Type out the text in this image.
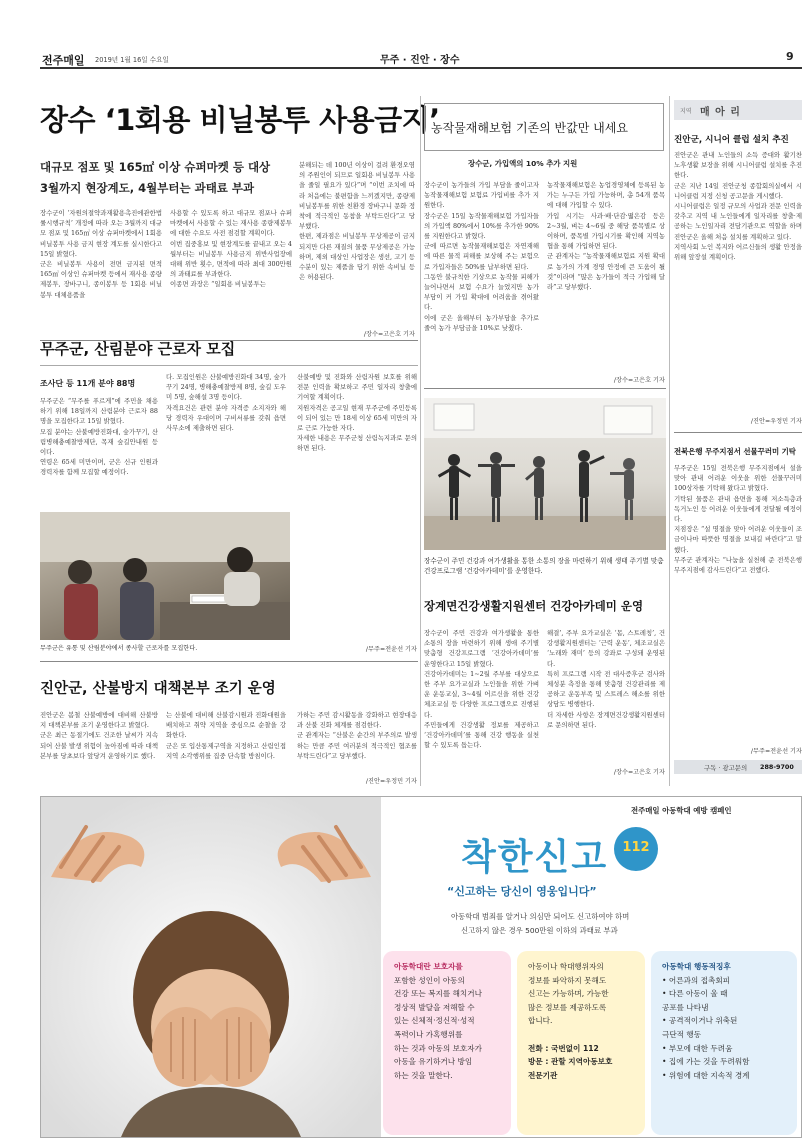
전주매일 2019년 1월 16일 수요일	무주 · 진안 · 장수	9
장수 ‘1회용 비닐봉투 사용금지’
대규모 점포 및 165㎡ 이상 슈퍼마켓 등 대상
3월까지 현장계도, 4월부터는 과태료 부과
장수군이 ‘자원의절약과재활용촉진에관한법률시행규칙’ 개정에 따라 오는 3월까지 대규모 점포 및 165㎡ 이상 슈퍼마켓에서 1회용 비닐봉투 사용 금지 현장 계도를 실시한다고 15일 밝혔다.
군은 비닐봉투 사용이 전면 금지된 면적 165㎡ 이상인 슈퍼마켓 등에서 재사용 종량제봉투, 장바구니, 종이봉투 등 1회용 비닐봉투 대체용품을
사용할 수 있도록 하고 대규모 점포나 슈퍼마켓에서 사용할 수 있는 재사용 종량제봉투에 대한 수요도 사전 점검할 계획이다.
이번 집중홍보 및 현장계도를 끝내고 오는 4월부터는 비닐봉투 사용금지 위반사업장에 대해 위반 횟수, 면적에 따라 최대 300만원의 과태료를 부과한다.
이종면 과장은 “일회용 비닐봉투는
분해되는 데 100년 이상이 걸려 환경오염의 주원인이 되므로 일회용 비닐봉투 사용을 줄일 필요가 있다”며 “이번 조치에 따라 처음에는 불편함을 느끼겠지만, 종량제 비닐봉투를 위한 친환경 장바구니 문화 정착에 적극적인 동참을 부탁드린다”고 당부했다.
한편, 제과점은 비닐봉투 무상제공이 금지되지만 다른 재질의 물품 무상제공은 가능하며, 제외 대상인 사업장은 생선, 고기 등 수분이 있는 제품을 담기 위한 속비닐 등은 허용된다.
/장수=고은호 기자
농작물재해보험 기존의 반값만 내세요
장수군, 가입액의 10% 추가 지원
장수군이 농가들의 가입 부담을 줄이고자 농작물재해보험 보험료 가입비를 추가 지원한다.
장수군은 15일 농작물재해보험 가입자들의 가입액 80%에서 10%를 추가한 90%를 지원한다고 밝혔다.
군에 따르면 농작물재해보험은 자연재해에 따른 물적 피해를 보상해 주는 보험으로 가입자들은 50%를 납부하면 된다.
그동안 불규칙한 기상으로 농작물 피해가 늘어나면서 보험 수요가 늘었지만 농가 부담이 커 가입 확대에 어려움을 겪어왔다.
이에 군은 올해부터 농가부담을 추가로 줄여 농가 부담금을 10%로 낮췄다.
농작물재해보험은 농업경영체에 등록된 농가는 누구든 가입 가능하며, 총 54개 품목에 대해 가입할 수 있다.
가입 시기는 사과·배·단감·떫은감 등은 2∼3월, 벼는 4∼6월 중 해당 품목별로 상이하며, 품목별 가입시기를 확인해 지역농협을 통해 가입하면 된다.
군 관계자는 “농작물재해보험료 지원 확대로 농가의 가계 경영 안정에 큰 도움이 될 것”이라며 “많은 농가들이 적극 가입해 달라”고 당부했다.
/장수=고은호 기자
장수군이 주민 건강과 여가생활을 통한 소통의 장을 마련하기 위해 생태 주기별 맞춤 건강프로그램 ‘건강아카데미’를 운영한다.
장계면건강생활지원센터 건강아카데미 운영
장수군이 주민 건강과 여가생활을 통한 소통의 장을 마련하기 위해 생애 주기별 맞춤형 건강프로그램 ‘건강아카데미’를 운영한다고 15일 밝혔다.
건강아카데미는 1∼2월 주부를 대상으로 한 주부 요가교실과 노인들을 위한 가벼운 운동교실, 3∼4월 어르신을 위한 건강체조교실 등 다양한 프로그램으로 진행된다.
주민들에게 건강생활 정보를 제공하고 ‘건강아카데미’를 통해 건강 행동을 실천할 수 있도록 돕는다.
해결’, 주부 요가교실은 ‘몸, 스트레칭’, 건강생활지원센터는 ‘근력 운동’, 체조교실은 ‘노래와 재미’ 등의 강좌로 구성돼 운영된다.
특히 프로그램 시작 전 대사증후군 검사와 체성분 측정을 통해 맞춤형 건강관리를 제공하고 운동부족 및 스트레스 해소를 위한 상담도 병행한다.
더 자세한 사항은 장계면건강생활지원센터로 문의하면 된다.
/장수=고은호 기자
무주군, 산림분야 근로자 모집
조사단 등 11개 분야 88명
무주군은 “무주를 푸르게”에 주민을 채용하기 위해 18일까지 산림분야 근로자 88명을 모집한다고 15일 밝혔다.
모집 분야는 산불예방진화대, 숲가꾸기, 산림병해충예찰방제단, 목재 숲길안내원 등이다.
연령은 65세 미만이며, 군은 신규 인원과 경력자를 함께 모집할 예정이다.
다. 모집인원은 산불예방진화대 34명, 숲가꾸기 24명, 병해충예찰방제 8명, 숲길 도우미 5명, 숲해설 3명 등이다.
자격요건은 관련 분야 자격증 소지자와 해당 경력자 우대이며 구비서류를 갖춰 읍면 사무소에 제출하면 된다.
산불예방 및 진화와 산림자원 보호를 위해 전문 인력을 확보하고 주민 일자리 창출에 기여할 계획이다.
지원자격은 공고일 현재 무주군에 주민등록이 되어 있는 만 18세 이상 65세 미만의 자로 근로 가능한 자다.
자세한 내용은 무주군청 산림녹지과로 문의하면 된다.
무주군은 유통 및 산림분야에서 종사할 근로자를 모집한다.	/무주=전윤선 기자
진안군, 산불방지 대책본부 조기 운영
진안군은 봄철 산불예방에 대비해 산불방지 대책본부를 조기 운영한다고 밝혔다.
군은 최근 동절기에도 건조한 날씨가 지속되어 산불 발생 위험이 높아짐에 따라 대책본부를 당초보다 앞당겨 운영하기로 했다.
는 산불에 대비해 산불감시원과 진화대원을 배치하고 취약 지역을 중심으로 순찰을 강화한다.
군은 또 입산통제구역을 지정하고 산림인접지역 소각행위를 집중 단속할 방침이다.
가하는 주민 감시활동을 강화하고 현장대응과 산불 진화 체계를 점검한다.
군 관계자는 “산불은 순간의 부주의로 발생하는 만큼 주민 여러분의 적극적인 협조를 부탁드린다”고 당부했다.
/진안=우정민 기자
지역 매 아 리
진안군, 시니어 클럽 설치 추진
진안군은 관내 노인들의 소득 증대와 활기찬 노후생활 보장을 위해 시니어클럽 설치를 추진한다.
군은 지난 14일 진안군청 종합회의실에서 시니어클럽 지정 신청 공고문을 게시했다.
시니어클럽은 일정 규모의 사업과 전문 인력을 갖추고 지역 내 노인들에게 일자리를 창출·제공하는 노인일자리 전담기관으로 역할을 하며 진안군은 올해 처음 설치를 계획하고 있다.
지역사회 노인 복지와 어르신들의 생활 안정을 위해 앞장설 계획이다.
/진안=우정민 기자
전북은행 무주지점서 선물꾸러미 기탁
무주군은 15일 전북은행 무주지점에서 설을 맞아 관내 어려운 이웃을 위한 선물꾸러미 100상자를 기탁해 왔다고 밝혔다.
기탁된 물품은 관내 읍면을 통해 저소득층과 독거노인 등 어려운 이웃들에게 전달될 예정이다.
지점장은 “설 명절을 맞아 어려운 이웃들이 조금이나마 따뜻한 명절을 보내길 바란다”고 말했다.
무주군 관계자는 “나눔을 실천해 준 전북은행 무주지점에 감사드린다”고 전했다.
/무주=전윤선 기자
구독 · 광고문의 288-9700
전주매일 아동학대 예방 캠페인
착한신고	112
“신고하는 당신이 영웅입니다”
아동학대 범죄를 알거나 의심만 되어도 신고하여야 하며
신고하지 않은 경우 500만원 이하의 과태료 부과
아동학대란 보호자를
포함한 성인이 아동의
건강 또는 복지를 해치거나
정상적 발달을 저해할 수
있는 신체적·정신적·성적
폭력이나 가혹행위를
하는 것과 아동의 보호자가
아동을 유기하거나 방임
하는 것을 말한다.
아동이나 학대행위자의
정보를 파악하지 못해도
신고는 가능하며, 가능한
많은 정보를 제공하도록
합니다.

전화 : 국번없이 112
방문 : 관할 지역아동보호
전문기관
아동학대 행동적징후
• 어른과의 접촉회피
• 다른 아동이 울 때
공포를 나타냄
• 공격적이거나 위축된
극단적 행동
• 부모에 대한 두려움
• 집에 가는 것을 두려워함
• 위험에 대한 지속적 경계
